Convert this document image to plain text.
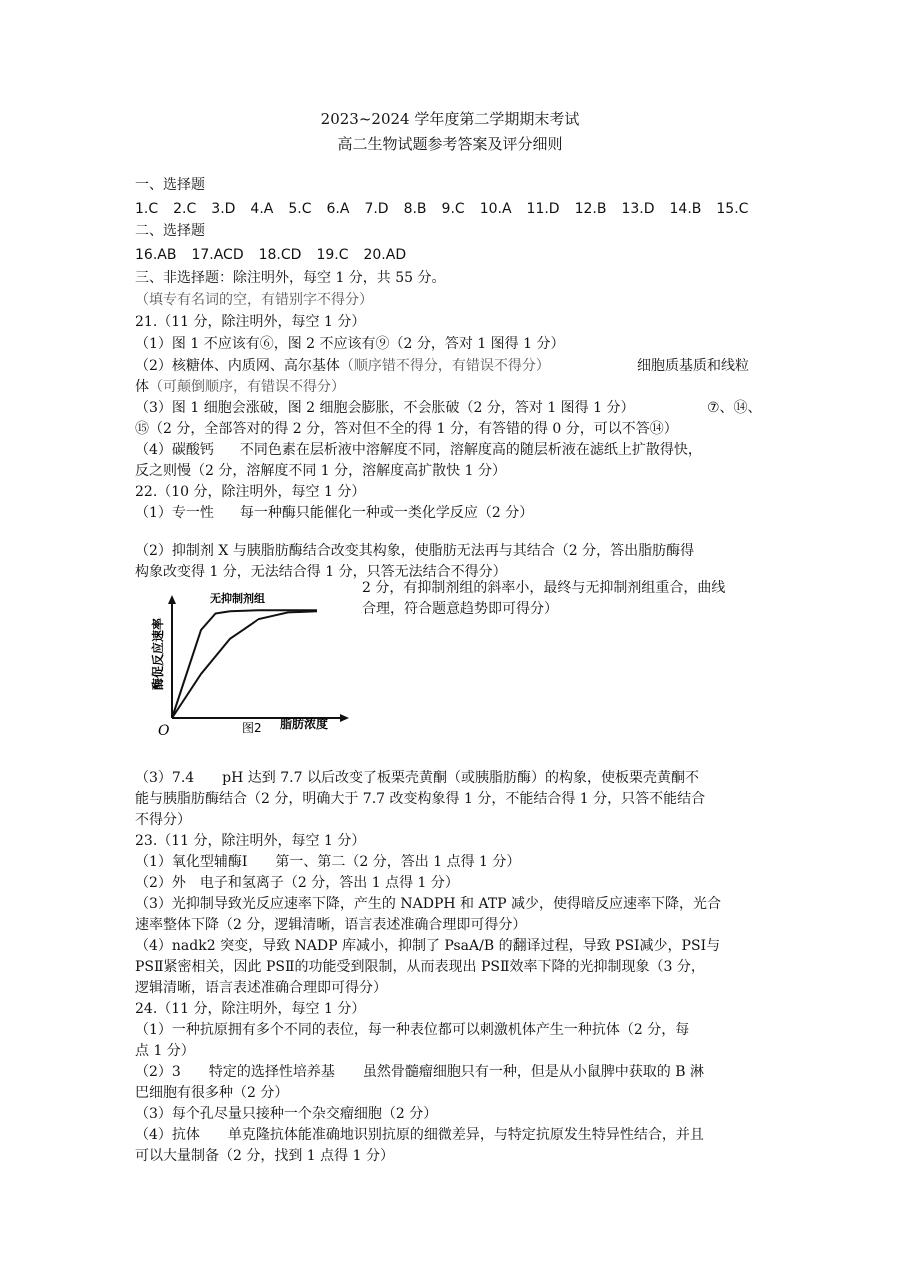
2023~2024 学年度第二学期期末考试
高二生物试题参考答案及评分细则
一、选择题
1.C 2.C 3.D 4.A 5.C 6.A 7.D 8.B 9.C 10.A 11.D 12.B 13.D 14.B 15.C
二、选择题
16.AB 17.ACD 18.CD 19.C 20.AD
三、非选择题：除注明外，每空 1 分，共 55 分。
（填专有名词的空，有错别字不得分）
21.（11 分，除注明外，每空 1 分）
（1）图 1 不应该有⑥，图 2 不应该有⑨（2 分，答对 1 图得 1 分）
（2）核糖体、内质网、高尔基体（顺序错不得分，有错误不得分）	细胞质基质和线粒
体（可颠倒顺序，有错误不得分）
（3）图 1 细胞会涨破，图 2 细胞会膨胀，不会胀破（2 分，答对 1 图得 1 分）	⑦、⑭、
⑮（2 分，全部答对的得 2 分，答对但不全的得 1 分，有答错的得 0 分，可以不答⑭）
（4）碳酸钙 不同色素在层析液中溶解度不同，溶解度高的随层析液在滤纸上扩散得快，
反之则慢（2 分，溶解度不同 1 分，溶解度高扩散快 1 分）
22.（10 分，除注明外，每空 1 分）
（1）专一性 每一种酶只能催化一种或一类化学反应（2 分）
（2）抑制剂 X 与胰脂肪酶结合改变其构象，使脂肪无法再与其结合（2 分，答出脂肪酶得
构象改变得 1 分，无法结合得 1 分，只答无法结合不得分）
2 分，有抑制剂组的斜率小，最终与无抑制剂组重合，曲线
合理，符合题意趋势即可得分）
无抑制剂组
O	图2 脂肪浓度
酶促反应速率
（3）7.4　　pH 达到 7.7 以后改变了板栗壳黄酮（或胰脂肪酶）的构象，使板栗壳黄酮不
能与胰脂肪酶结合（2 分，明确大于 7.7 改变构象得 1 分，不能结合得 1 分，只答不能结合
不得分）
23.（11 分，除注明外，每空 1 分）
（1）氧化型辅酶Ⅰ　　第一、第二（2 分，答出 1 点得 1 分）
（2）外　电子和氢离子（2 分，答出 1 点得 1 分）
（3）光抑制导致光反应速率下降，产生的 NADPH 和 ATP 减少，使得暗反应速率下降，光合
速率整体下降（2 分，逻辑清晰，语言表述准确合理即可得分）
（4）nadk2 突变，导致 NADP 库减小，抑制了 PsaA/B 的翻译过程，导致 PSⅠ减少，PSⅠ与
PSⅡ紧密相关，因此 PSⅡ的功能受到限制，从而表现出 PSⅡ效率下降的光抑制现象（3 分，
逻辑清晰，语言表述准确合理即可得分）
24.（11 分，除注明外，每空 1 分）
（1）一种抗原拥有多个不同的表位，每一种表位都可以刺激机体产生一种抗体（2 分，每
点 1 分）
（2）3　　特定的选择性培养基　　虽然骨髓瘤细胞只有一种，但是从小鼠脾中获取的 B 淋
巴细胞有很多种（2 分）
（3）每个孔尽量只接种一个杂交瘤细胞（2 分）
（4）抗体　　单克隆抗体能准确地识别抗原的细微差异，与特定抗原发生特异性结合，并且
可以大量制备（2 分，找到 1 点得 1 分）
